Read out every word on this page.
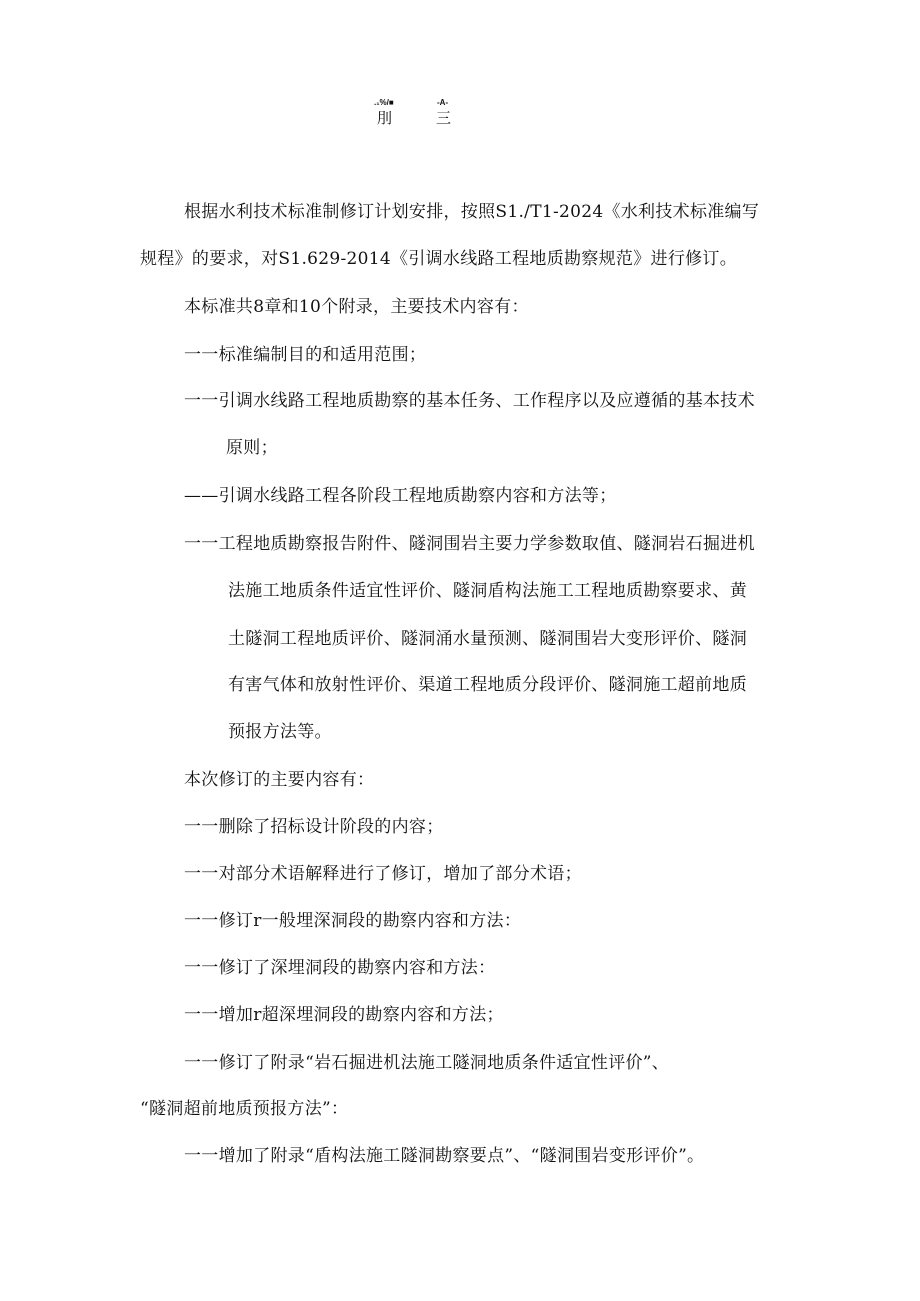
.₁%/■
刖
-A-
三
根据水利技术标准制修订计划安排，按照S1./T1-2024《水利技术标准编写
规程》的要求，对S1.629-2014《引调水线路工程地质勘察规范》进行修订。
本标准共8章和10个附录，主要技术内容有：
一一标准编制目的和适用范围；
一一引调水线路工程地质勘察的基本任务、工作程序以及应遵循的基本技术
原则；
——引调水线路工程各阶段工程地质勘察内容和方法等；
一一工程地质勘察报告附件、隧洞围岩主要力学参数取值、隧洞岩石掘进机
法施工地质条件适宜性评价、隧洞盾构法施工工程地质勘察要求、黄
土隧洞工程地质评价、隧洞涌水量预测、隧洞围岩大变形评价、隧洞
有害气体和放射性评价、渠道工程地质分段评价、隧洞施工超前地质
预报方法等。
本次修订的主要内容有：
一一删除了招标设计阶段的内容；
一一对部分术语解释进行了修订，增加了部分术语；
一一修订r一般埋深洞段的勘察内容和方法：
一一修订了深埋洞段的勘察内容和方法：
一一增加r超深埋洞段的勘察内容和方法；
一一修订了附录“岩石掘进机法施工隧洞地质条件适宜性评价”、
“隧洞超前地质预报方法”：
一一增加了附录“盾构法施工隧洞勘察要点”、“隧洞围岩变形评价”。
